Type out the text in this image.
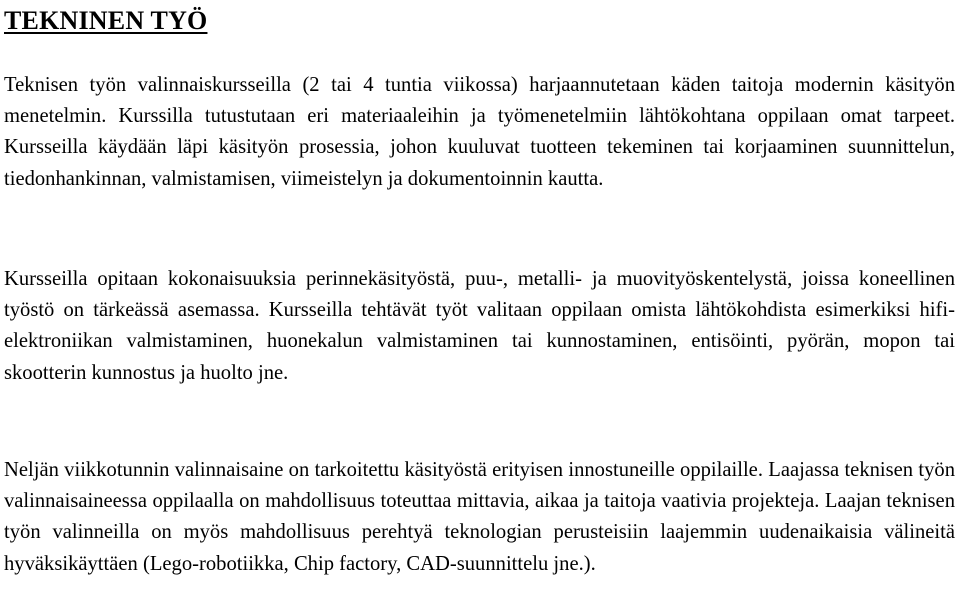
TEKNINEN TYÖ

Teknisen työn valinnaiskursseilla (2 tai 4 tuntia viikossa) harjaannutetaan käden taitoja modernin käsityön menetelmin. Kurssilla tutustutaan eri materiaaleihin ja työmenetelmiin lähtökohtana oppilaan omat tarpeet. Kursseilla käydään läpi käsityön prosessia, johon kuuluvat tuotteen tekeminen tai korjaaminen suunnittelun, tiedonhankinnan, valmistamisen, viimeistelyn ja dokumentoinnin kautta.

Kursseilla opitaan kokonaisuuksia perinnekäsityöstä, puu-, metalli- ja muovityöskentelystä, joissa koneellinen työstö on tärkeässä asemassa. Kursseilla tehtävät työt valitaan oppilaan omista lähtökohdista esimerkiksi hifi-elektroniikan valmistaminen, huonekalun valmistaminen tai kunnostaminen, entisöinti, pyörän, mopon tai skootterin kunnostus ja huolto jne.

Neljän viikkotunnin valinnaisaine on tarkoitettu käsityöstä erityisen innostuneille oppilaille. Laajassa teknisen työn valinnaisaineessa oppilaalla on mahdollisuus toteuttaa mittavia, aikaa ja taitoja vaativia projekteja. Laajan teknisen työn valinneilla on myös mahdollisuus perehtyä teknologian perusteisiin laajemmin uudenaikaisia välineitä hyväksikäyttäen (Lego-robotiikka, Chip factory, CAD-suunnittelu jne.).
